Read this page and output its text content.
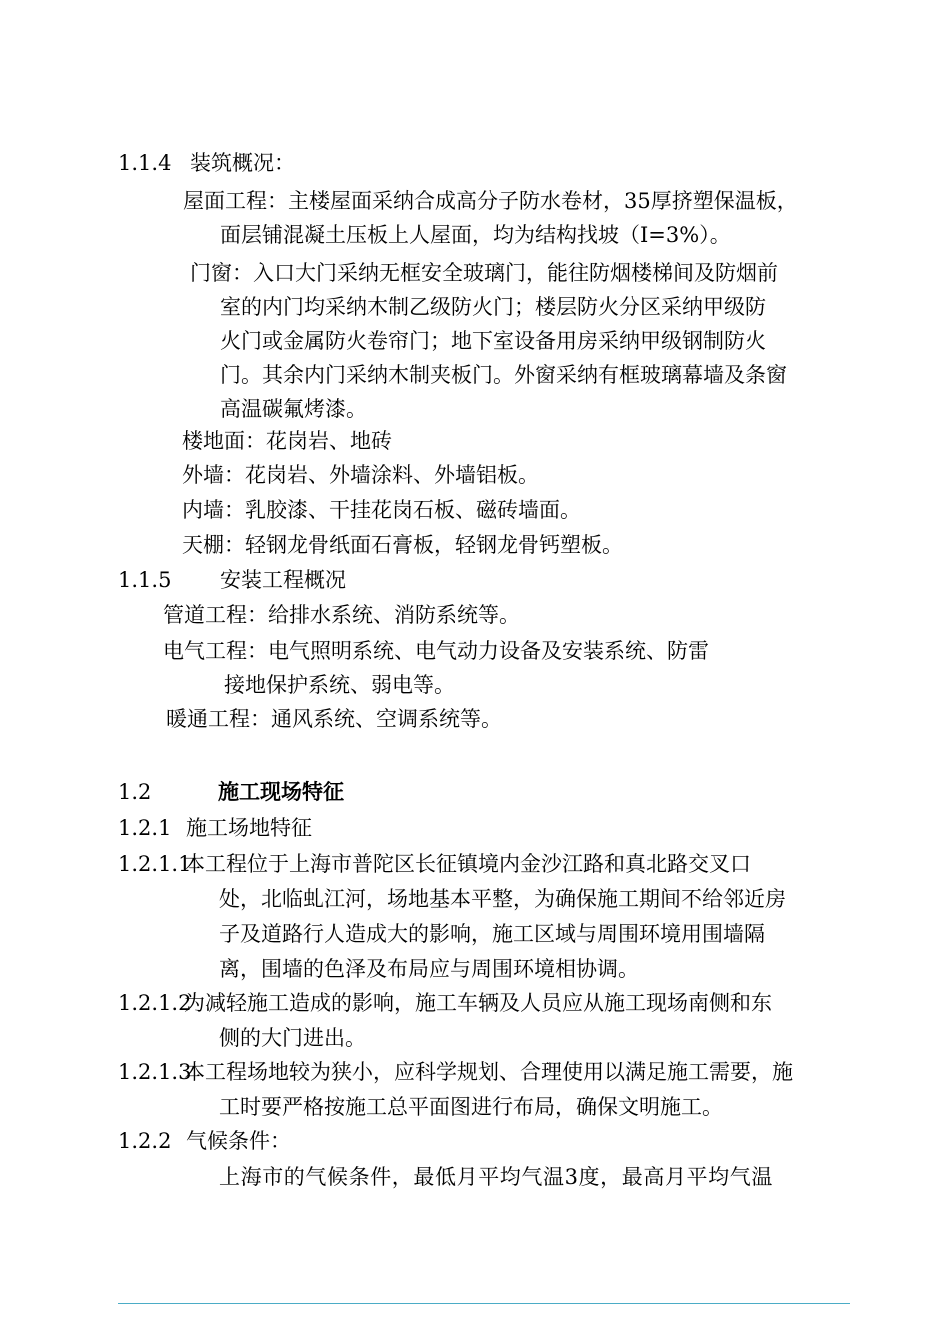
1.1.4 装筑概况：
屋面工程：主楼屋面采纳合成高分子防水卷材，35厚挤塑保温板，
面层铺混凝土压板上人屋面，均为结构找坡（I=3%）。
门窗：入口大门采纳无框安全玻璃门，能往防烟楼梯间及防烟前
室的内门均采纳木制乙级防火门；楼层防火分区采纳甲级防
火门或金属防火卷帘门；地下室设备用房采纳甲级钢制防火
门。其余内门采纳木制夹板门。外窗采纳有框玻璃幕墙及条窗
高温碳氟烤漆。
楼地面：花岗岩、地砖
外墙：花岗岩、外墙涂料、外墙铝板。
内墙：乳胶漆、干挂花岗石板、磁砖墙面。
天棚：轻钢龙骨纸面石膏板，轻钢龙骨钙塑板。
1.1.5 安装工程概况
管道工程：给排水系统、消防系统等。
电气工程：电气照明系统、电气动力设备及安装系统、防雷
接地保护系统、弱电等。
暖通工程：通风系统、空调系统等。
1.2	施工现场特征
1.2.1 施工场地特征
1.2.1.1
本工程位于上海市普陀区长征镇境内金沙江路和真北路交叉口
处，北临虬江河，场地基本平整，为确保施工期间不给邻近房
子及道路行人造成大的影响，施工区域与周围环境用围墙隔
离，围墙的色泽及布局应与周围环境相协调。
1.2.1.2
为减轻施工造成的影响，施工车辆及人员应从施工现场南侧和东
侧的大门进出。
1.2.1.3
本工程场地较为狭小，应科学规划、合理使用以满足施工需要，施
工时要严格按施工总平面图进行布局，确保文明施工。
1.2.2 气候条件：
上海市的气候条件，最低月平均气温3度，最高月平均气温
